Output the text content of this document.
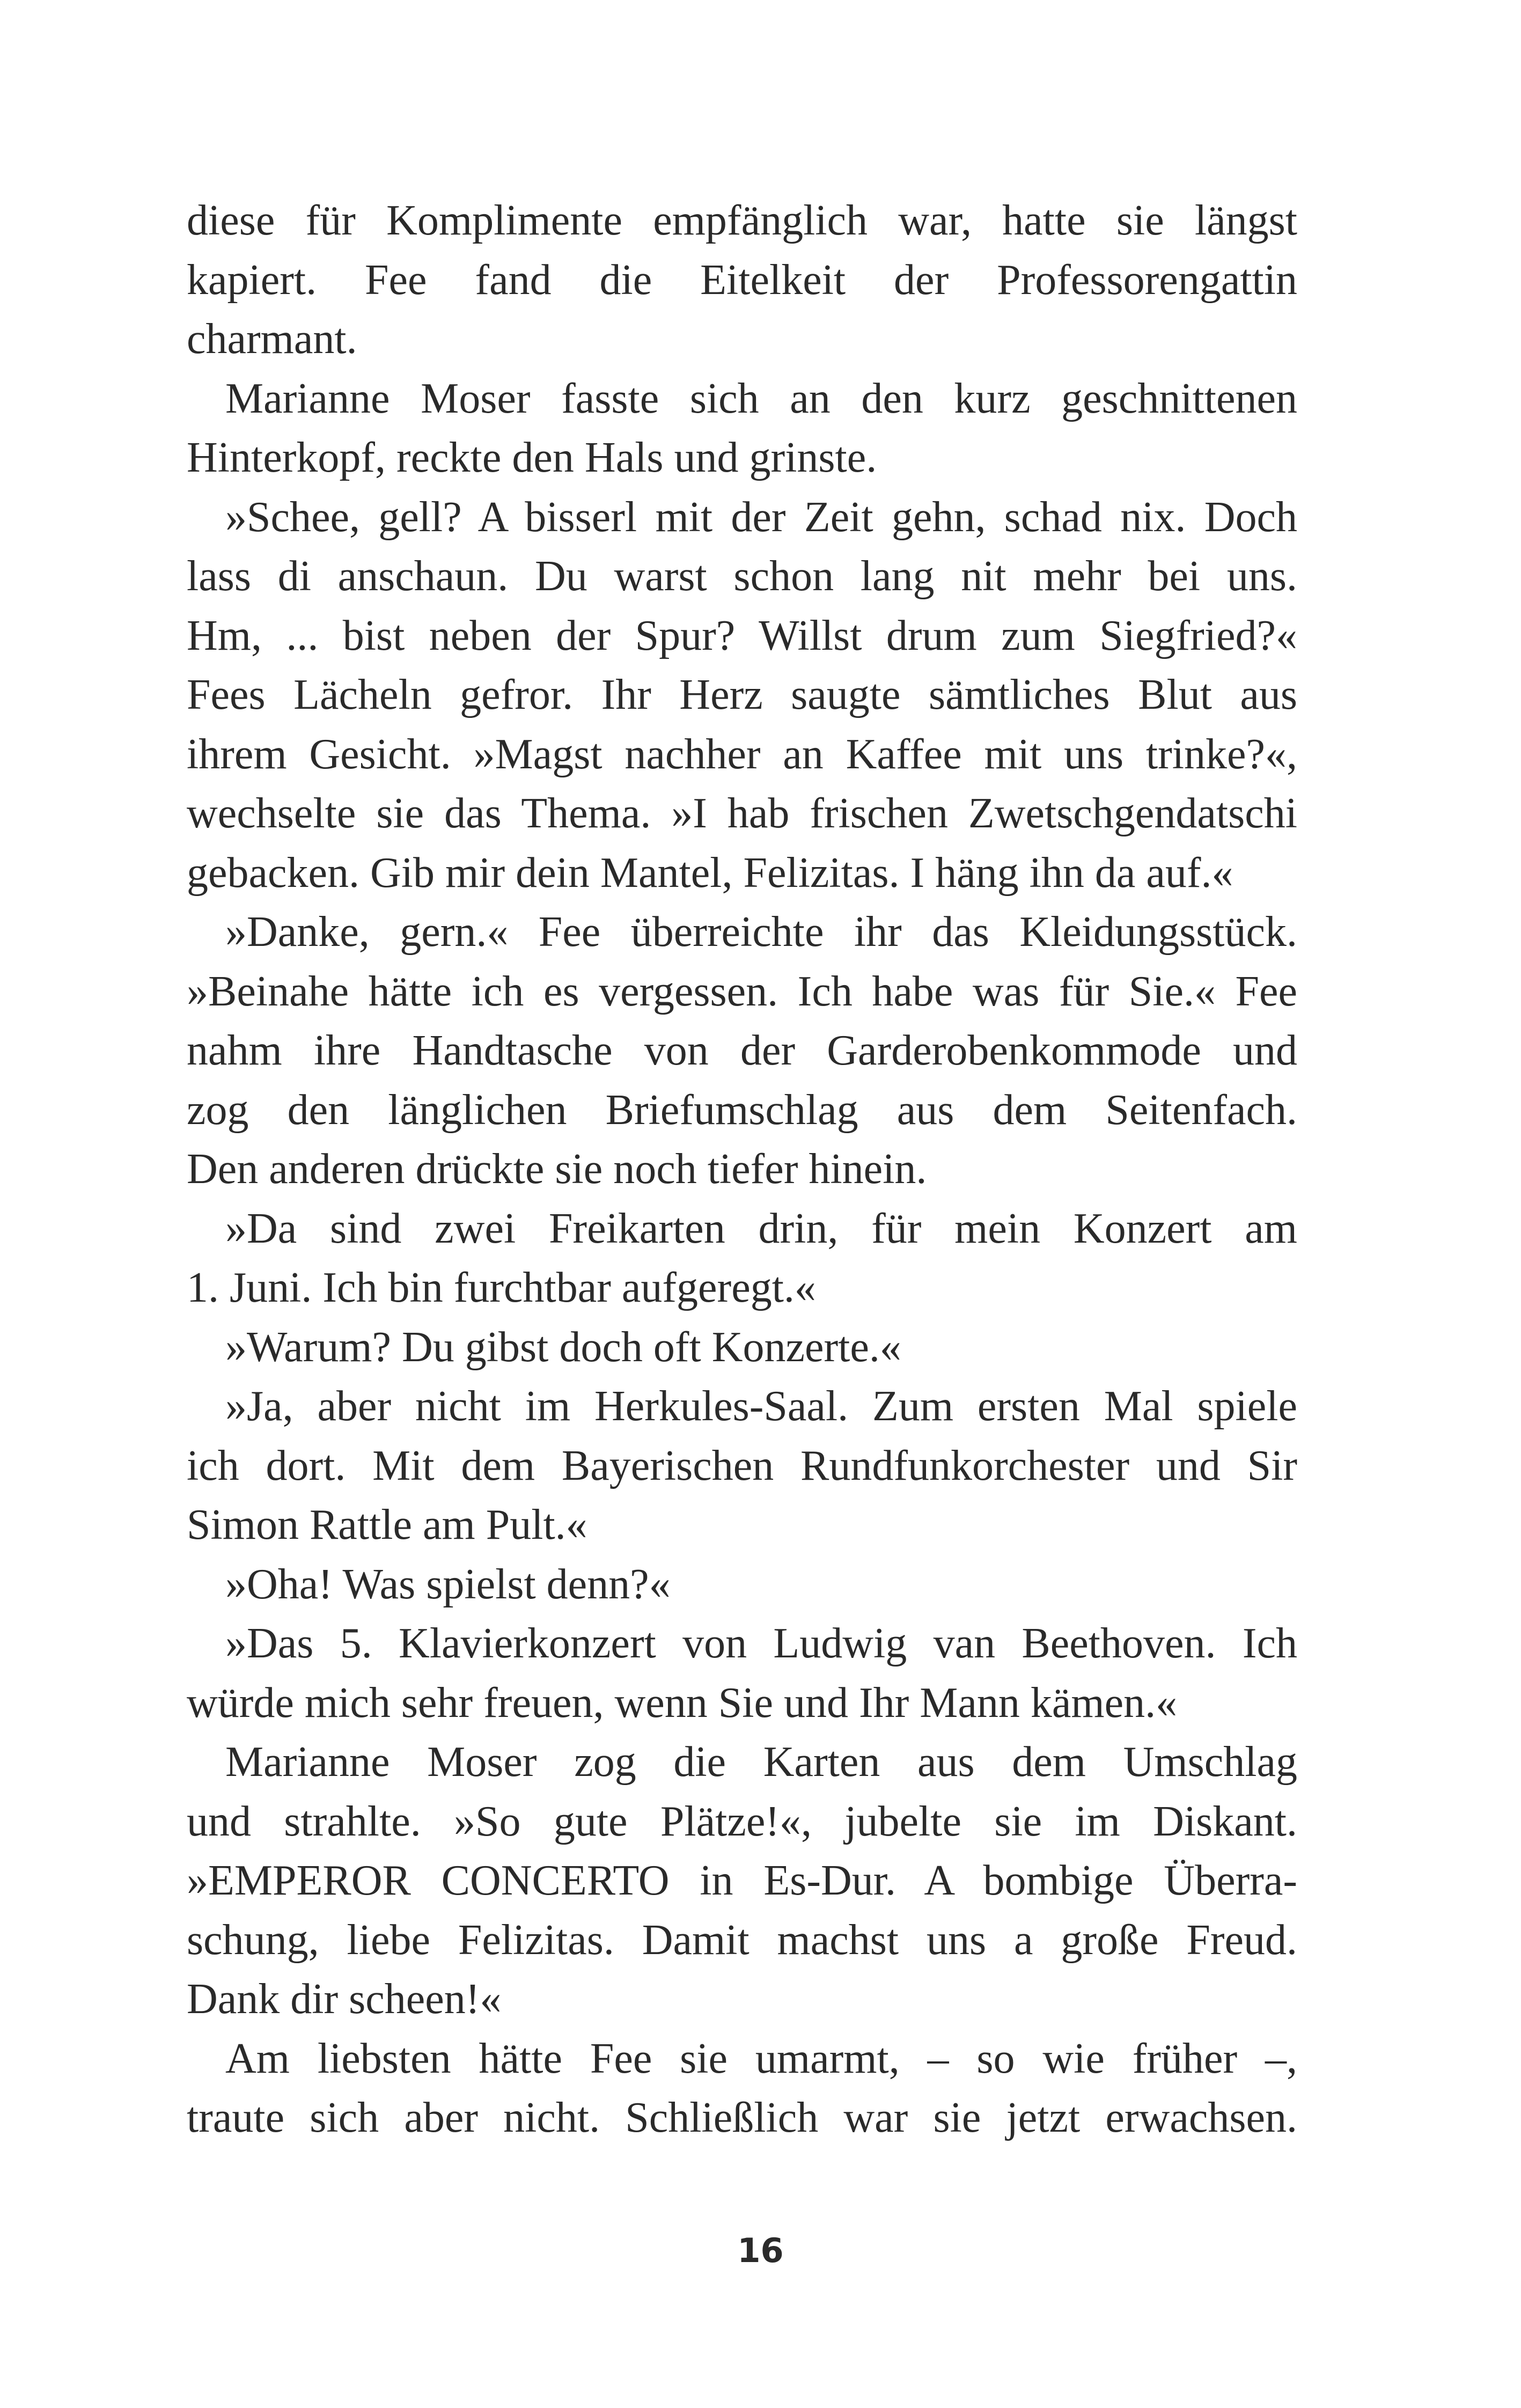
diese für Komplimente empfänglich war, hatte sie längst
kapiert. Fee fand die Eitelkeit der Professorengattin
charmant.
Marianne Moser fasste sich an den kurz geschnittenen
Hinterkopf, reckte den Hals und grinste.
»Schee, gell? A bisserl mit der Zeit gehn, schad nix. Doch
lass di anschaun. Du warst schon lang nit mehr bei uns.
Hm, ... bist neben der Spur? Willst drum zum Siegfried?«
Fees Lächeln gefror. Ihr Herz saugte sämtliches Blut aus
ihrem Gesicht. »Magst nachher an Kaffee mit uns trinke?«,
wechselte sie das Thema. »I hab frischen Zwetschgendatschi
gebacken. Gib mir dein Mantel, Felizitas. I häng ihn da auf.«
»Danke, gern.« Fee überreichte ihr das Kleidungsstück.
»Beinahe hätte ich es vergessen. Ich habe was für Sie.« Fee
nahm ihre Handtasche von der Garderobenkommode und
zog den länglichen Briefumschlag aus dem Seitenfach.
Den anderen drückte sie noch tiefer hinein.
»Da sind zwei Freikarten drin, für mein Konzert am
1. Juni. Ich bin furchtbar aufgeregt.«
»Warum? Du gibst doch oft Konzerte.«
»Ja, aber nicht im Herkules-Saal. Zum ersten Mal spiele
ich dort. Mit dem Bayerischen Rundfunkorchester und Sir
Simon Rattle am Pult.«
»Oha! Was spielst denn?«
»Das 5. Klavierkonzert von Ludwig van Beethoven. Ich
würde mich sehr freuen, wenn Sie und Ihr Mann kämen.«
Marianne Moser zog die Karten aus dem Umschlag
und strahlte. »So gute Plätze!«, jubelte sie im Diskant.
»EMPEROR CONCERTO in Es-Dur. A bombige Überra-
schung, liebe Felizitas. Damit machst uns a große Freud.
Dank dir scheen!«
Am liebsten hätte Fee sie umarmt, – so wie früher –,
traute sich aber nicht. Schließlich war sie jetzt erwachsen.
16
